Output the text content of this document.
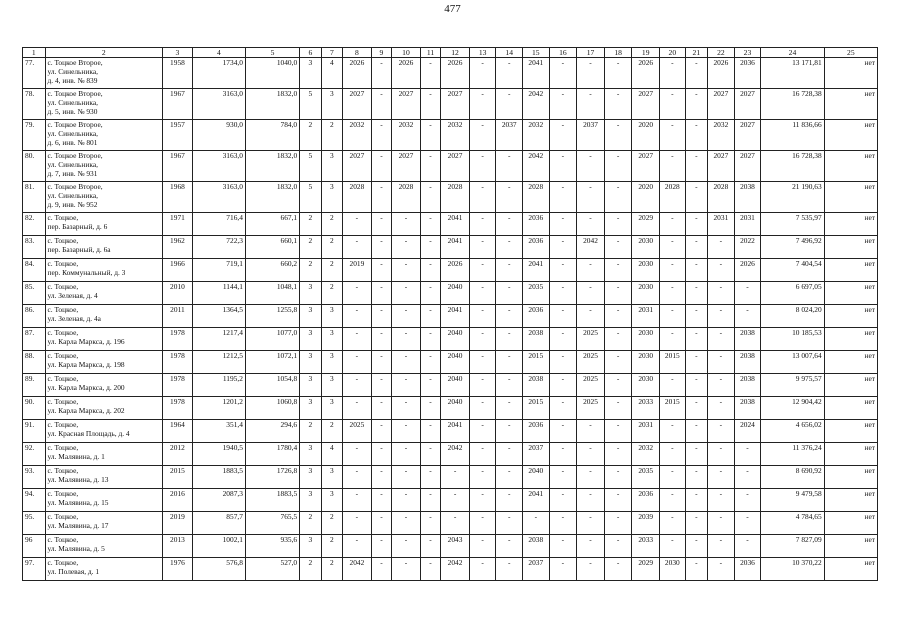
477
1	2	3	4	5	6	7	8	9	10	11	12	13	14	15	16	17	18	19	20	21	22	23	24	25
77.	с. Тоцкое Второе,
ул. Синельника,
д. 4, инв. № 839	1958	1734,0	1040,0	3	4	2026	-	2026	-	2026	-	-	2041	-	-	-	2026	-	-	2026	2036	13 171,81	нет
78.	с. Тоцкое Второе,
ул. Синельника,
д. 5, инв. № 930	1967	3163,0	1832,0	5	3	2027	-	2027	-	2027	-	-	2042	-	-	-	2027	-	-	2027	2027	16 728,38	нет
79.	с. Тоцкое Второе,
ул. Синельника,
д. 6, инв. № 801	1957	930,0	784,0	2	2	2032	-	2032	-	2032	-	2037	2032	-	2037	-	2020	-	-	2032	2027	11 836,66	нет
80.	с. Тоцкое Второе,
ул. Синельника,
д. 7, инв. № 931	1967	3163,0	1832,0	5	3	2027	-	2027	-	2027	-	-	2042	-	-	-	2027	-	-	2027	2027	16 728,38	нет
81.	с. Тоцкое Второе,
ул. Синельника,
д. 9, инв. № 952	1968	3163,0	1832,0	5	3	2028	-	2028	-	2028	-	-	2028	-	-	-	2020	2028	-	2028	2038	21 190,63	нет
82.	с. Тоцкое,
пер. Базарный, д. 6	1971	716,4	667,1	2	2	-	-	-	-	2041	-	-	2036	-	-	-	2029	-	-	2031	2031	7 535,97	нет
83.	с. Тоцкое,
пер. Базарный, д. 6а	1962	722,3	660,1	2	2	-	-	-	-	2041	-	-	2036	-	2042	-	2030	-	-	-	2022	7 496,92	нет
84.	с. Тоцкое,
пер. Коммунальный, д. 3	1966	719,1	660,2	2	2	2019	-	-	-	2026	-	-	2041	-	-	-	2030	-	-	-	2026	7 404,54	нет
85.	с. Тоцкое,
ул. Зеленая, д. 4	2010	1144,1	1048,1	3	2	-	-	-	-	2040	-	-	2035	-	-	-	2030	-	-	-	-	6 697,05	нет
86.	с. Тоцкое,
ул. Зеленая, д. 4а	2011	1364,5	1255,8	3	3	-	-	-	-	2041	-	-	2036	-	-	-	2031	-	-	-	-	8 024,20	нет
87.	с. Тоцкое,
ул. Карла Маркса, д. 196	1978	1217,4	1077,0	3	3	-	-	-	-	2040	-	-	2038	-	2025	-	2030	-	-	-	2038	10 185,53	нет
88.	с. Тоцкое,
ул. Карла Маркса, д. 198	1978	1212,5	1072,1	3	3	-	-	-	-	2040	-	-	2015	-	2025	-	2030	2015	-	-	2038	13 007,64	нет
89.	с. Тоцкое,
ул. Карла Маркса, д. 200	1978	1195,2	1054,8	3	3	-	-	-	-	2040	-	-	2038	-	2025	-	2030	-	-	-	2038	9 975,57	нет
90.	с. Тоцкое,
ул. Карла Маркса, д. 202	1978	1201,2	1060,8	3	3	-	-	-	-	2040	-	-	2015	-	2025	-	2033	2015	-	-	2038	12 904,42	нет
91.	с. Тоцкое,
ул. Красная Площадь, д. 4	1964	351,4	294,6	2	2	2025	-	-	-	2041	-	-	2036	-	-	-	2031	-	-	-	2024	4 656,02	нет
92.	с. Тоцкое,
ул. Малявина, д. 1	2012	1940,5	1780,4	3	4	-	-	-	-	2042	-	-	2037	-	-	-	2032	-	-	-	-	11 376,24	нет
93.	с. Тоцкое,
ул. Малявина, д. 13	2015	1883,5	1726,8	3	3	-	-	-	-	-	-	-	2040	-	-	-	2035	-	-	-	-	8 690,92	нет
94.	с. Тоцкое,
ул. Малявина, д. 15	2016	2087,3	1883,5	3	3	-	-	-	-	-	-	-	2041	-	-	-	2036	-	-	-	-	9 479,58	нет
95.	с. Тоцкое,
ул. Малявина, д. 17	2019	857,7	765,5	2	2	-	-	-	-	-	-	-	-	-	-	-	2039	-	-	-	-	4 784,65	нет
96	с. Тоцкое,
ул. Малявина, д. 5	2013	1002,1	935,6	3	2	-	-	-	-	2043	-	-	2038	-	-	-	2033	-	-	-	-	7 827,09	нет
97.	с. Тоцкое,
ул. Полевая, д. 1	1976	576,8	527,0	2	2	2042	-	-	-	2042	-	-	2037	-	-	-	2029	2030	-	-	2036	10 370,22	нет
